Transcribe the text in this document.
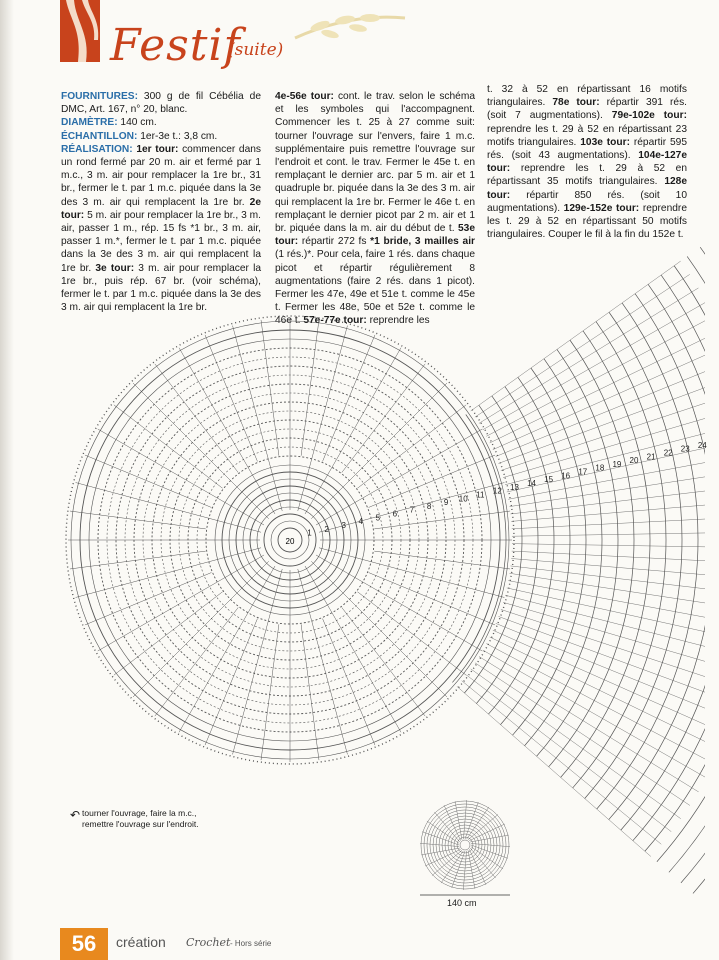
Festif
(suite)
FOURNITURES: 300 g de fil Cébélia de DMC, Art. 167, n° 20, blanc.
DIAMÈTRE: 140 cm.
ÉCHANTILLON: 1er-3e t.: 3,8 cm.
RÉALISATION: 1er tour: commencer dans un rond fermé par 20 m. air et fermé par 1 m.c., 3 m. air pour remplacer la 1re br., 31 br., fermer le t. par 1 m.c. piquée dans la 3e des 3 m. air qui remplacent la 1re br. 2e tour: 5 m. air pour remplacer la 1re br., 3 m. air, passer 1 m., rép. 15 fs *1 br., 3 m. air, passer 1 m.*, fermer le t. par 1 m.c. piquée dans la 3e des 3 m. air qui remplacent la 1re br. 3e tour: 3 m. air pour remplacer la 1re br., puis rép. 67 br. (voir schéma), fermer le t. par 1 m.c. piquée dans la 3e des 3 m. air qui remplacent la 1re br.
4e-56e tour: cont. le trav. selon le schéma et les symboles qui l'accompagnent. Commencer les t. 25 à 27 comme suit: tourner l'ouvrage sur l'envers, faire 1 m.c. supplémentaire puis remettre l'ouvrage sur l'endroit et cont. le trav. Fermer le 45e t. en remplaçant le dernier arc. par 5 m. air et 1 quadruple br. piquée dans la 3e des 3 m. air qui remplacent la 1re br. Fermer le 46e t. en remplaçant le dernier picot par 2 m. air et 1 br. piquée dans la m. air du début de t. 53e tour: répartir 272 fs *1 bride, 3 mailles air (1 rés.)*. Pour cela, faire 1 rés. dans chaque picot et répartir régulièrement 8 augmentations (faire 2 rés. dans 1 picot). Fermer les 47e, 49e et 51e t. comme le 45e t. Fermer les 48e, 50e et 52e t. comme le 46e t. 57e-77e tour: reprendre les
t. 32 à 52 en répartissant 16 motifs triangulaires. 78e tour: répartir 391 rés. (soit 7 augmentations). 79e-102e tour: reprendre les t. 29 à 52 en répartissant 23 motifs triangulaires. 103e tour: répartir 595 rés. (soit 43 augmentations). 104e-127e tour: reprendre les t. 29 à 52 en répartissant 35 motifs triangulaires. 128e tour: répartir 850 rés. (soit 10 augmentations). 129e-152e tour: reprendre les t. 29 à 52 en répartissant 50 motifs triangulaires. Couper le fil à la fin du 152e t.
1 2 3 4 5 6 7 8 9 10 11 12 13 14 15 16 17 18 19 20 21 22 23 24
20
↶ tourner l'ouvrage, faire la m.c., remettre l'ouvrage sur l'endroit.
140 cm
56	création Crochet - Hors série
